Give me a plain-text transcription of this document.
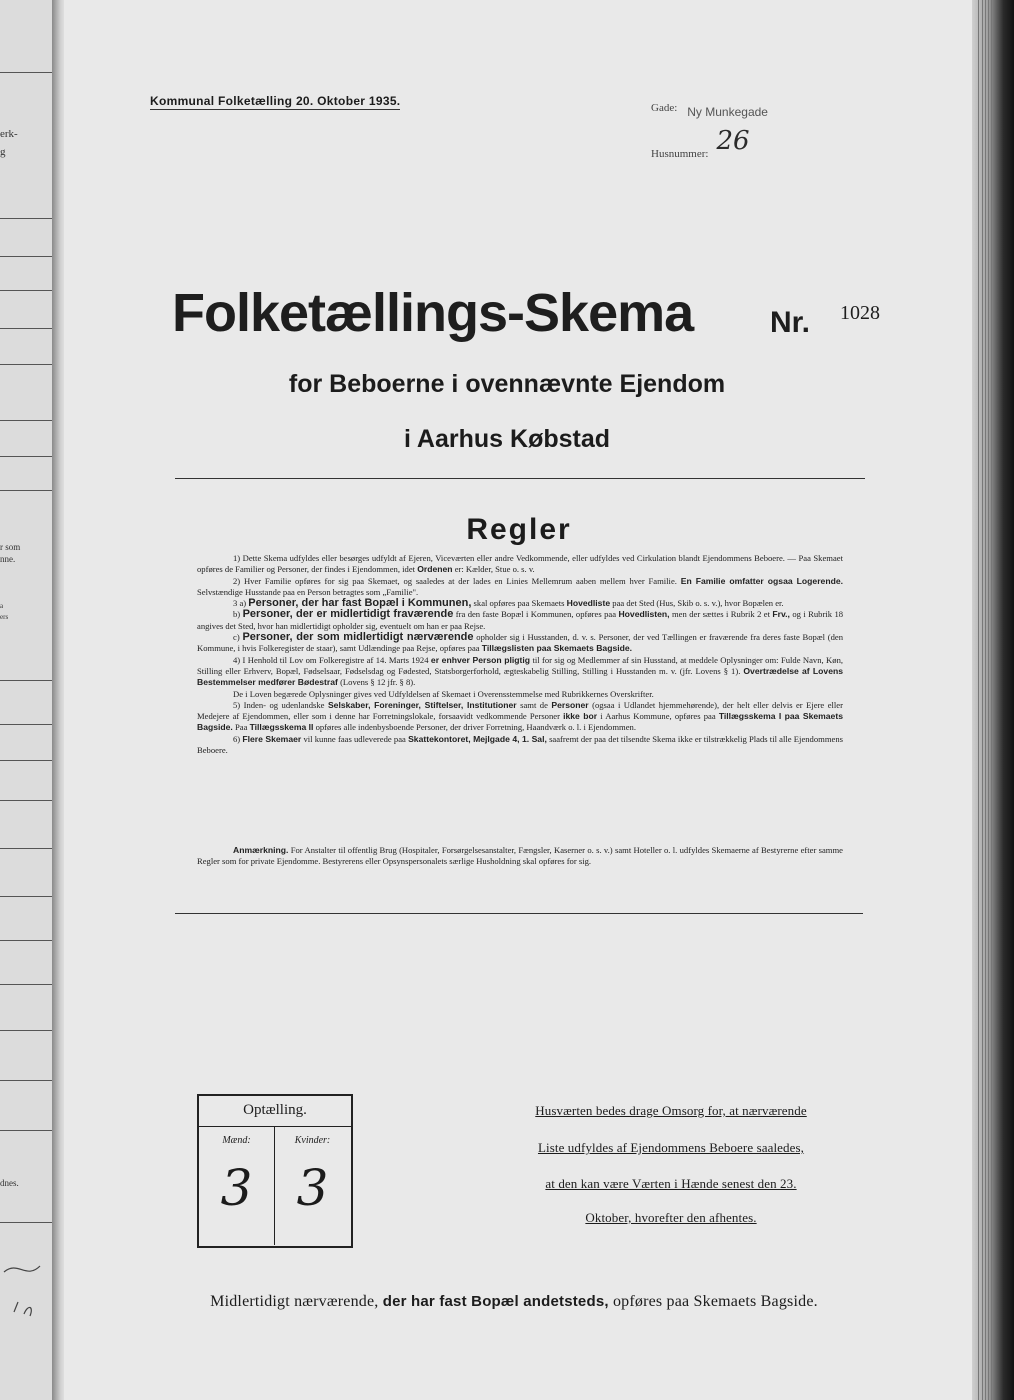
erk-
g
r som
nne.
a
ers
dnes.
Kommunal Folketælling 20. Oktober 1935.	Gade: $_{Ny Munkegade}$
$_{Husnummer:}$ 26
Folketællings-Skema	Nr. 1028
for Beboerne i ovennævnte Ejendom
i Aarhus Købstad
Regler

1) Dette Skema udfyldes eller besørges udfyldt af Ejeren, Viceværten eller andre Vedkommende, eller udfyldes ved Cirkulation blandt Ejendommens Beboere. — Paa Skemaet opføres de Familier og Personer, der findes i Ejendommen, idet Ordenen er: Kælder, Stue o. s. v.

2) Hver Familie opføres for sig paa Skemaet, og saaledes at der lades en Linies Mellemrum aaben mellem hver Familie. En Familie omfatter ogsaa Logerende. Selvstændige Husstande paa en Person betragtes som „Familie".

3 a) Personer, der har fast Bopæl i Kommunen, skal opføres paa Skemaets Hovedliste paa det Sted (Hus, Skib o. s. v.), hvor Bopælen er.

b) Personer, der er midlertidigt fraværende fra den faste Bopæl i Kommunen, opføres paa Hovedlisten, men der sættes i Rubrik 2 et Frv., og i Rubrik 18 angives det Sted, hvor han midlertidigt opholder sig, eventuelt om han er paa Rejse.

c) Personer, der som midlertidigt nærværende opholder sig i Husstanden, d. v. s. Personer, der ved Tællingen er fraværende fra deres faste Bopæl (den Kommune, i hvis Folkeregister de staar), samt Udlændinge paa Rejse, opføres paa Tillægslisten paa Skemaets Bagside.

4) I Henhold til Lov om Folkeregistre af 14. Marts 1924 er enhver Person pligtig til for sig og Medlemmer af sin Husstand, at meddele Oplysninger om: Fulde Navn, Køn, Stilling eller Erhverv, Bopæl, Fødselsaar, Fødselsdag og Fødested, Statsborgerforhold, ægteskabelig Stilling, Stilling i Husstanden m. v. (jfr. Lovens § 1). Overtrædelse af Lovens Bestemmelser medfører Bødestraf (Lovens § 12 jfr. § 8).

De i Loven begærede Oplysninger gives ved Udfyldelsen af Skemaet i Overensstemmelse med Rubrikkernes Overskrifter.

5) Inden- og udenlandske Selskaber, Foreninger, Stiftelser, Institutioner samt de Personer (ogsaa i Udlandet hjemmehørende), der helt eller delvis er Ejere eller Medejere af Ejendommen, eller som i denne har Forretningslokale, forsaavidt vedkommende Personer ikke bor i Aarhus Kommune, opføres paa Tillægsskema I paa Skemaets Bagside. Paa Tillægsskema II opføres alle indenbysboende Personer, der driver Forretning, Haandværk o. l. i Ejendommen.

6) Flere Skemaer vil kunne faas udleverede paa Skattekontoret, Mejlgade 4, 1. Sal, saafremt der paa det tilsendte Skema ikke er tilstrækkelig Plads til alle Ejendommens Beboere.

Anmærkning. For Anstalter til offentlig Brug (Hospitaler, Forsørgelsesanstalter, Fængsler, Kaserner o. s. v.) samt Hoteller o. l. udfyldes Skemaerne af Bestyrerne efter samme Regler som for private Ejendomme. Bestyrerens eller Opsynspersonalets særlige Husholdning skal opføres for sig.

Optælling.
Mænd:
3
Kvinder:
3
Husværten bedes drage Omsorg for, at nærværende
Liste udfyldes af Ejendommens Beboere saaledes,
at den kan være Værten i Hænde senest den 23.
Oktober, hvorefter den afhentes.
Midlertidigt nærværende, der har fast Bopæl andetsteds, opføres paa Skemaets Bagside.
